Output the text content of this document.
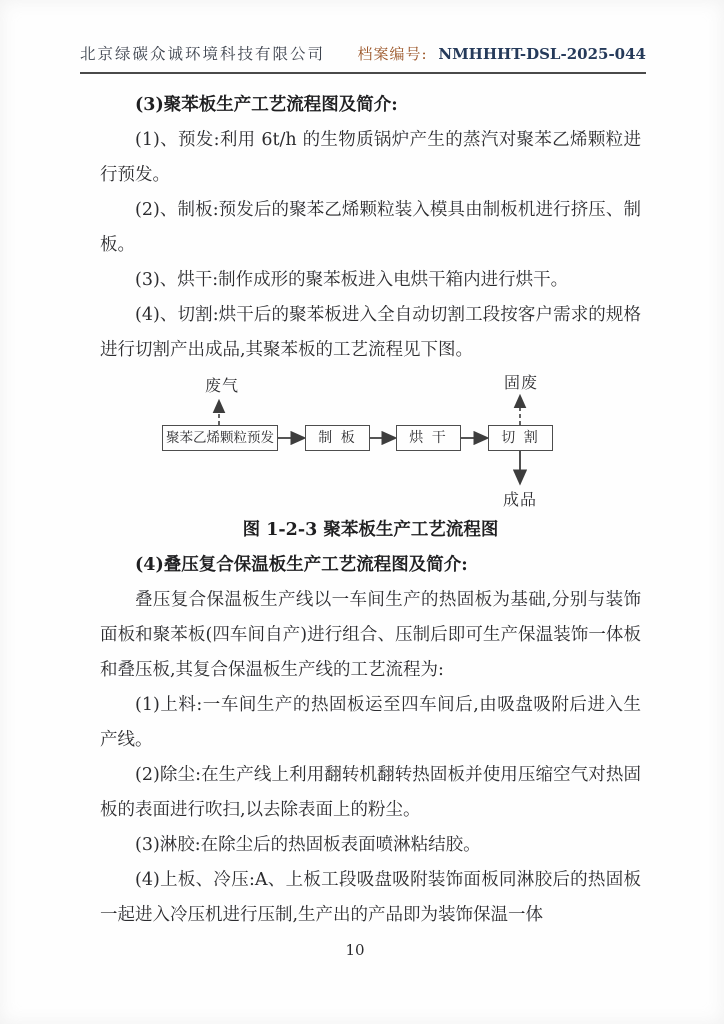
北京绿碳众诚环境科技有限公司 档案编号: NMHHHT-DSL-2025-044

(3)聚苯板生产工艺流程图及简介:

(1)、预发:利用 6t/h 的生物质锅炉产生的蒸汽对聚苯乙烯颗粒进行预发。

(2)、制板:预发后的聚苯乙烯颗粒装入模具由制板机进行挤压、制板。

(3)、烘干:制作成形的聚苯板进入电烘干箱内进行烘干。

(4)、切割:烘干后的聚苯板进入全自动切割工段按客户需求的规格进行切割产出成品,其聚苯板的工艺流程见下图。

废气	固废
成品
聚苯乙烯颗粒预发	制 板	烘 干	切 割

图 1-2-3 聚苯板生产工艺流程图

(4)叠压复合保温板生产工艺流程图及简介:

叠压复合保温板生产线以一车间生产的热固板为基础,分别与装饰面板和聚苯板(四车间自产)进行组合、压制后即可生产保温装饰一体板和叠压板,其复合保温板生产线的工艺流程为:

(1)上料:一车间生产的热固板运至四车间后,由吸盘吸附后进入生产线。

(2)除尘:在生产线上利用翻转机翻转热固板并使用压缩空气对热固板的表面进行吹扫,以去除表面上的粉尘。

(3)淋胶:在除尘后的热固板表面喷淋粘结胶。

(4)上板、冷压:A、上板工段吸盘吸附装饰面板同淋胶后的热固板一起进入冷压机进行压制,生产出的产品即为装饰保温一体

10
